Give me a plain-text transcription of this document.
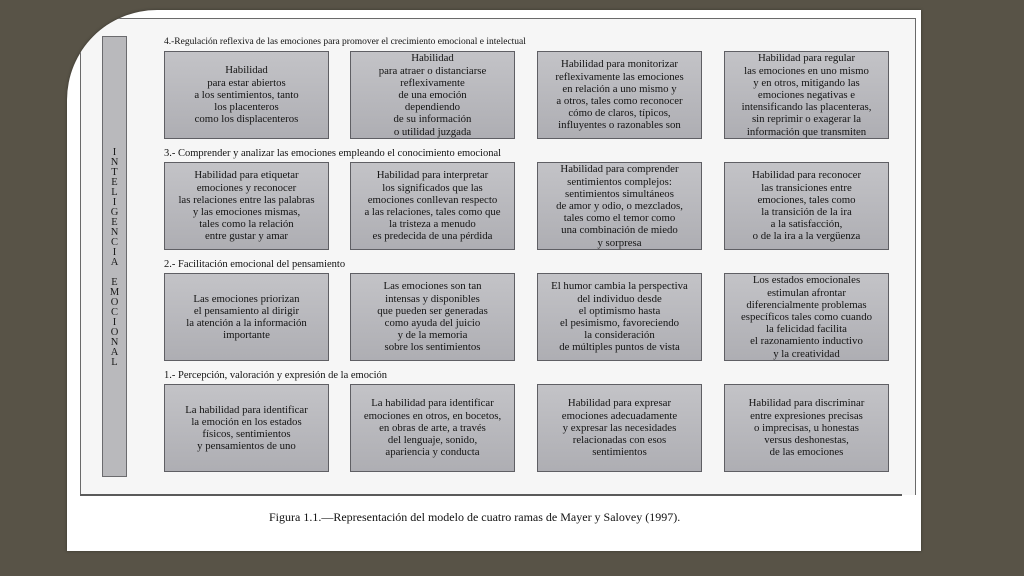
INTELIGENCIA EMOCIONAL
4.-Regulación reflexiva de las emociones para promover el crecimiento emocional e intelectual
Habilidad
para estar abiertos
a los sentimientos, tanto
los placenteros
como los displacenteros
Habilidad
para atraer o distanciarse
reflexivamente
de una emoción
dependiendo
de su información
o utilidad juzgada
Habilidad para monitorizar
reflexivamente las emociones
en relación a uno mismo y
a otros, tales como reconocer
cómo de claros, típicos,
influyentes o razonables son
Habilidad para regular
las emociones en uno mismo
y en otros, mitigando las
emociones negativas e
intensificando las placenteras,
sin reprimir o exagerar la
información que transmiten
3.- Comprender y analizar las emociones empleando el conocimiento emocional
Habilidad para etiquetar
emociones y reconocer
las relaciones entre las palabras
y las emociones mismas,
tales como la relación
entre gustar y amar
Habilidad para interpretar
los significados que las
emociones conllevan respecto
a las relaciones, tales como que
la tristeza a menudo
es predecida de una pérdida
Habilidad para comprender
sentimientos complejos:
sentimientos simultáneos
de amor y odio, o mezclados,
tales como el temor como
una combinación de miedo
y sorpresa
Habilidad para reconocer
las transiciones entre
emociones, tales como
la transición de la ira
a la satisfacción,
o de la ira a la vergüenza
2.- Facilitación emocional del pensamiento
Las emociones priorizan
el pensamiento al dirigir
la atención a la información
importante
Las emociones son tan
intensas y disponibles
que pueden ser generadas
como ayuda del juicio
y de la memoria
sobre los sentimientos
El humor cambia la perspectiva
del individuo desde
el optimismo hasta
el pesimismo, favoreciendo
la consideración
de múltiples puntos de vista
Los estados emocionales
estimulan afrontar
diferencialmente problemas
específicos tales como cuando
la felicidad facilita
el razonamiento inductivo
y la creatividad
1.- Percepción, valoración y expresión de la emoción
La habilidad para identificar
la emoción en los estados
físicos, sentimientos
y pensamientos de uno
La habilidad para identificar
emociones en otros, en bocetos,
en obras de arte, a través
del lenguaje, sonido,
apariencia y conducta
Habilidad para expresar
emociones adecuadamente
y expresar las necesidades
relacionadas con esos
sentimientos
Habilidad para discriminar
entre expresiones precisas
o imprecisas, u honestas
versus deshonestas,
de las emociones
Figura 1.1.—Representación del modelo de cuatro ramas de Mayer y Salovey (1997).
